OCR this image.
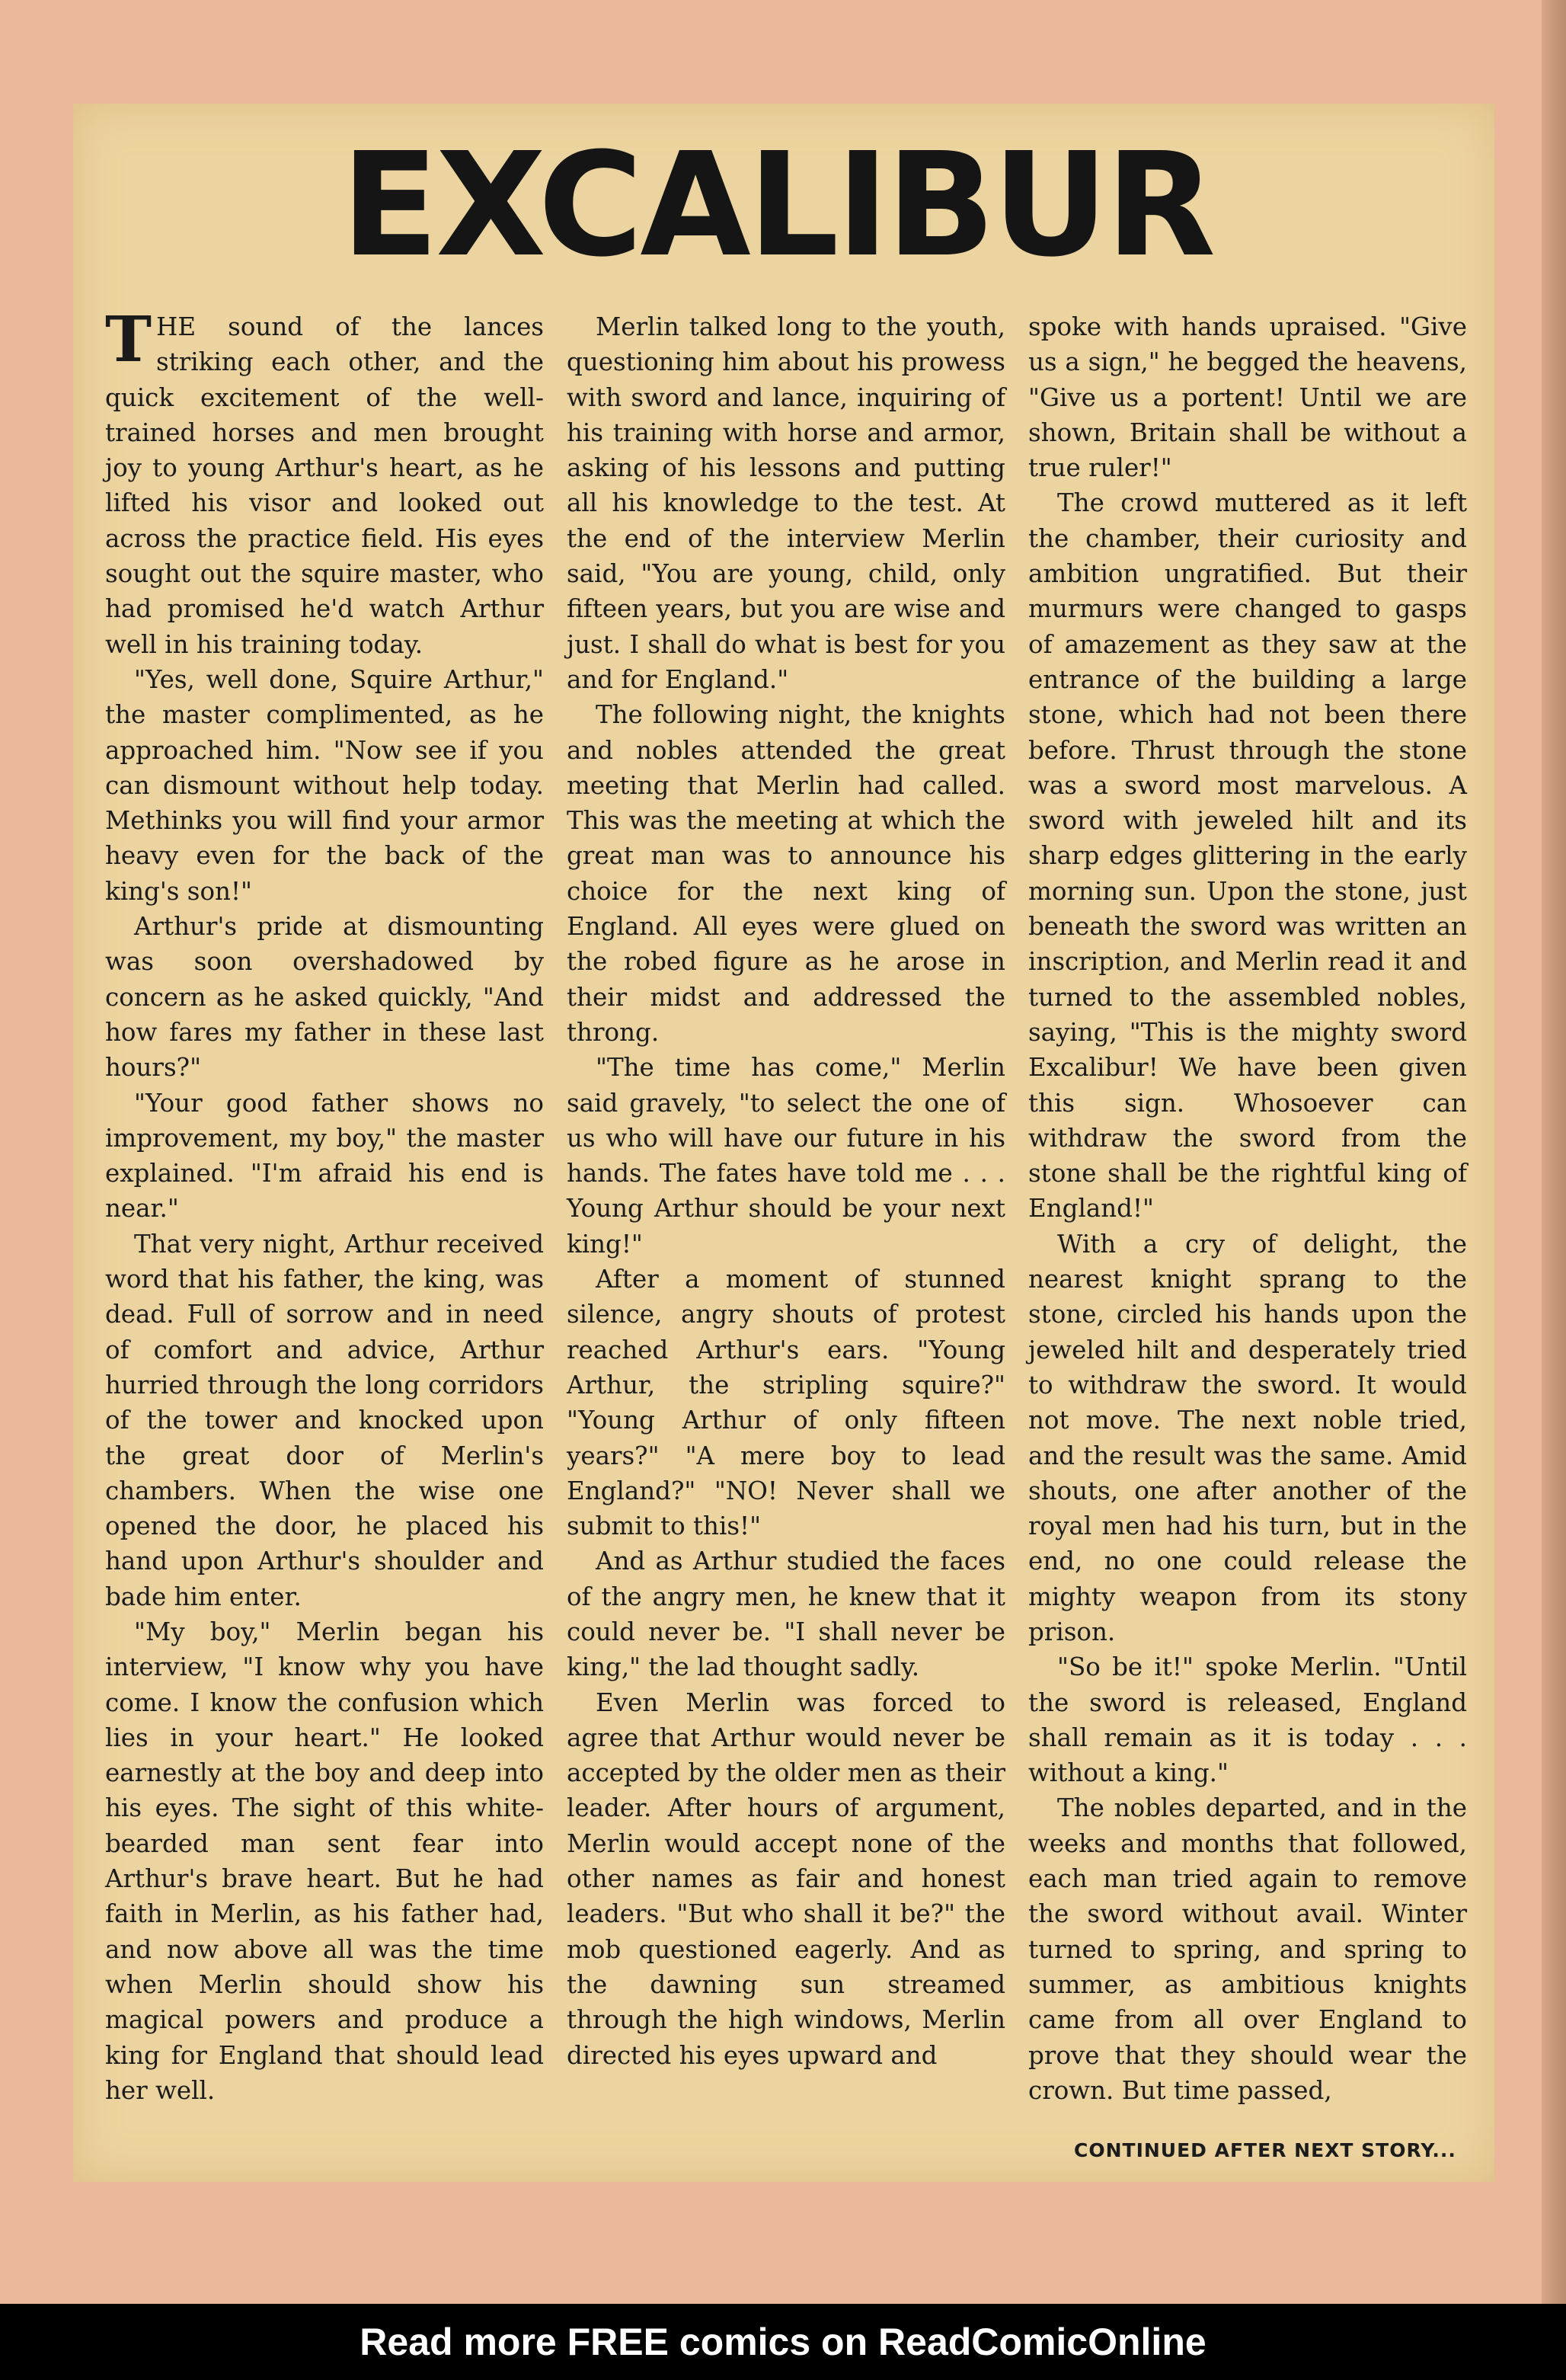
EXCALIBUR

THE sound of the lances striking each other, and the quick excitement of the well-trained horses and men brought joy to young Arthur's heart, as he lifted his visor and looked out across the practice field. His eyes sought out the squire master, who had promised he'd watch Arthur well in his training today.

"Yes, well done, Squire Arthur," the master complimented, as he approached him. "Now see if you can dismount without help today. Methinks you will find your armor heavy even for the back of the king's son!"

Arthur's pride at dismounting was soon overshadowed by concern as he asked quickly, "And how fares my father in these last hours?"

"Your good father shows no improvement, my boy," the master explained. "I'm afraid his end is near."

That very night, Arthur received word that his father, the king, was dead. Full of sorrow and in need of comfort and advice, Arthur hurried through the long corridors of the tower and knocked upon the great door of Merlin's chambers. When the wise one opened the door, he placed his hand upon Arthur's shoulder and bade him enter.

"My boy," Merlin began his interview, "I know why you have come. I know the confusion which lies in your heart." He looked earnestly at the boy and deep into his eyes. The sight of this white-bearded man sent fear into Arthur's brave heart. But he had faith in Merlin, as his father had, and now above all was the time when Merlin should show his magical powers and produce a king for England that should lead her well.

Merlin talked long to the youth, questioning him about his prowess with sword and lance, inquiring of his training with horse and armor, asking of his lessons and putting all his knowledge to the test. At the end of the interview Merlin said, "You are young, child, only fifteen years, but you are wise and just. I shall do what is best for you and for England."

The following night, the knights and nobles attended the great meeting that Merlin had called. This was the meeting at which the great man was to announce his choice for the next king of England. All eyes were glued on the robed figure as he arose in their midst and addressed the throng.

"The time has come," Merlin said gravely, "to select the one of us who will have our future in his hands. The fates have told me . . . Young Arthur should be your next king!"

After a moment of stunned silence, angry shouts of protest reached Arthur's ears. "Young Arthur, the stripling squire?" "Young Arthur of only fifteen years?" "A mere boy to lead England?" "NO! Never shall we submit to this!"

And as Arthur studied the faces of the angry men, he knew that it could never be. "I shall never be king," the lad thought sadly.

Even Merlin was forced to agree that Arthur would never be accepted by the older men as their leader. After hours of argument, Merlin would accept none of the other names as fair and honest leaders. "But who shall it be?" the mob questioned eagerly. And as the dawning sun streamed through the high windows, Merlin directed his eyes upward and

spoke with hands upraised. "Give us a sign," he begged the heavens, "Give us a portent! Until we are shown, Britain shall be without a true ruler!"

The crowd muttered as it left the chamber, their curiosity and ambition ungratified. But their murmurs were changed to gasps of amazement as they saw at the entrance of the building a large stone, which had not been there before. Thrust through the stone was a sword most marvelous. A sword with jeweled hilt and its sharp edges glittering in the early morning sun. Upon the stone, just beneath the sword was written an inscription, and Merlin read it and turned to the assembled nobles, saying, "This is the mighty sword Excalibur! We have been given this sign. Whosoever can withdraw the sword from the stone shall be the rightful king of England!"

With a cry of delight, the nearest knight sprang to the stone, circled his hands upon the jeweled hilt and desperately tried to withdraw the sword. It would not move. The next noble tried, and the result was the same. Amid shouts, one after another of the royal men had his turn, but in the end, no one could release the mighty weapon from its stony prison.

"So be it!" spoke Merlin. "Until the sword is released, England shall remain as it is today . . . without a king."

The nobles departed, and in the weeks and months that followed, each man tried again to remove the sword without avail. Winter turned to spring, and spring to summer, as ambitious knights came from all over England to prove that they should wear the crown. But time passed,

CONTINUED AFTER NEXT STORY...
Read more FREE comics on ReadComicOnline
